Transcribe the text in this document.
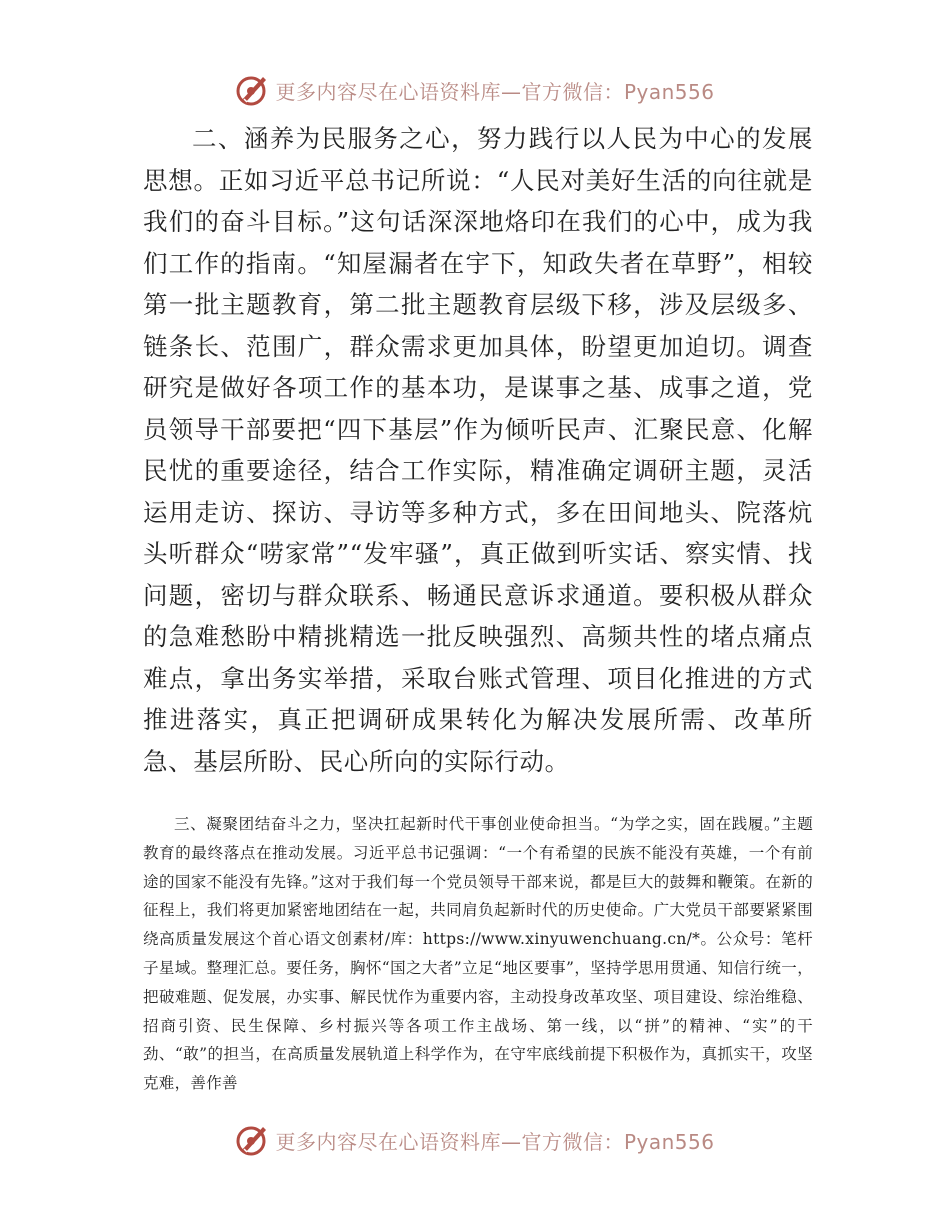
更多内容尽在心语资料库—官方微信：Pyan556

二、涵养为民服务之心，努力践行以人民为中心的发展思想。正如习近平总书记所说：“人民对美好生活的向往就是我们的奋斗目标。”这句话深深地烙印在我们的心中，成为我们工作的指南。“知屋漏者在宇下，知政失者在草野”，相较第一批主题教育，第二批主题教育层级下移，涉及层级多、链条长、范围广，群众需求更加具体，盼望更加迫切。调查研究是做好各项工作的基本功，是谋事之基、成事之道，党员领导干部要把“四下基层”作为倾听民声、汇聚民意、化解民忧的重要途径，结合工作实际，精准确定调研主题，灵活运用走访、探访、寻访等多种方式，多在田间地头、院落炕头听群众“唠家常”“发牢骚”，真正做到听实话、察实情、找问题，密切与群众联系、畅通民意诉求通道。要积极从群众的急难愁盼中精挑精选一批反映强烈、高频共性的堵点痛点难点，拿出务实举措，采取台账式管理、项目化推进的方式推进落实，真正把调研成果转化为解决发展所需、改革所急、基层所盼、民心所向的实际行动。

三、凝聚团结奋斗之力，坚决扛起新时代干事创业使命担当。“为学之实，固在践履。”主题教育的最终落点在推动发展。习近平总书记强调：“一个有希望的民族不能没有英雄，一个有前途的国家不能没有先锋。”这对于我们每一个党员领导干部来说，都是巨大的鼓舞和鞭策。在新的征程上，我们将更加紧密地团结在一起，共同肩负起新时代的历史使命。广大党员干部要紧紧围绕高质量发展这个首心语文创素材/库：https://www.xinyuwenchuang.cn/*。公众号：笔杆子星域。整理汇总。要任务，胸怀“国之大者”立足“地区要事”，坚持学思用贯通、知信行统一，把破难题、促发展，办实事、解民忧作为重要内容，主动投身改革攻坚、项目建设、综治维稳、招商引资、民生保障、乡村振兴等各项工作主战场、第一线，以“拼”的精神、“实”的干劲、“敢”的担当，在高质量发展轨道上科学作为，在守牢底线前提下积极作为，真抓实干，攻坚克难，善作善

更多内容尽在心语资料库—官方微信：Pyan556
